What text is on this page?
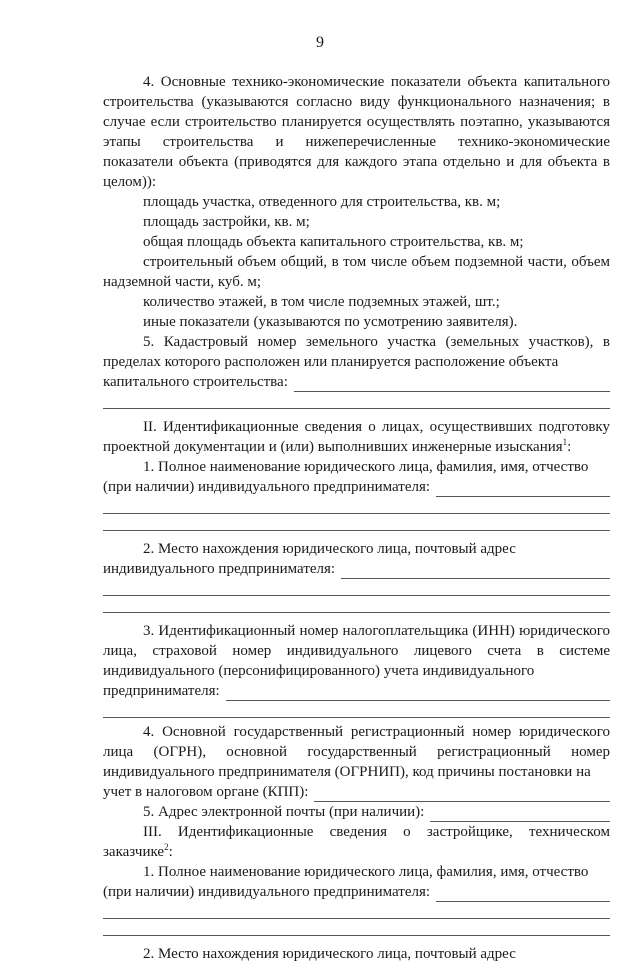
9

4. Основные технико-экономические показатели объекта капитального строительства (указываются согласно виду функционального назначения; в случае если строительство планируется осуществлять поэтапно, указываются этапы строительства и нижеперечисленные технико-экономические показатели объекта (приводятся для каждого этапа отдельно и для объекта в целом)):

площадь участка, отведенного для строительства, кв. м;

площадь застройки, кв. м;

общая площадь объекта капитального строительства, кв. м;

строительный объем общий, в том числе объем подземной части, объем надземной части, куб. м;

количество этажей, в том числе подземных этажей, шт.;

иные показатели (указываются по усмотрению заявителя).

5. Кадастровый номер земельного участка (земельных участков), в пределах которого расположен или планируется расположение объекта

капитального строительства:

II. Идентификационные сведения о лицах, осуществивших подготовку проектной документации и (или) выполнивших инженерные изыскания$^1$:

1. Полное наименование юридического лица, фамилия, имя, отчество

(при наличии) индивидуального предпринимателя:

2. Место нахождения юридического лица, почтовый адрес

индивидуального предпринимателя:

3. Идентификационный номер налогоплательщика (ИНН) юридического лица, страховой номер индивидуального лицевого счета в системе индивидуального (персонифицированного) учета индивидуального

предпринимателя:

4. Основной государственный регистрационный номер юридического лица (ОГРН), основной государственный регистрационный номер индивидуального предпринимателя (ОГРНИП), код причины постановки на

учет в налоговом органе (КПП):
5. Адрес электронной почты (при наличии):

III. Идентификационные сведения о застройщике, техническом заказчике$^2$:

1. Полное наименование юридического лица, фамилия, имя, отчество

(при наличии) индивидуального предпринимателя:

2. Место нахождения юридического лица, почтовый адрес
